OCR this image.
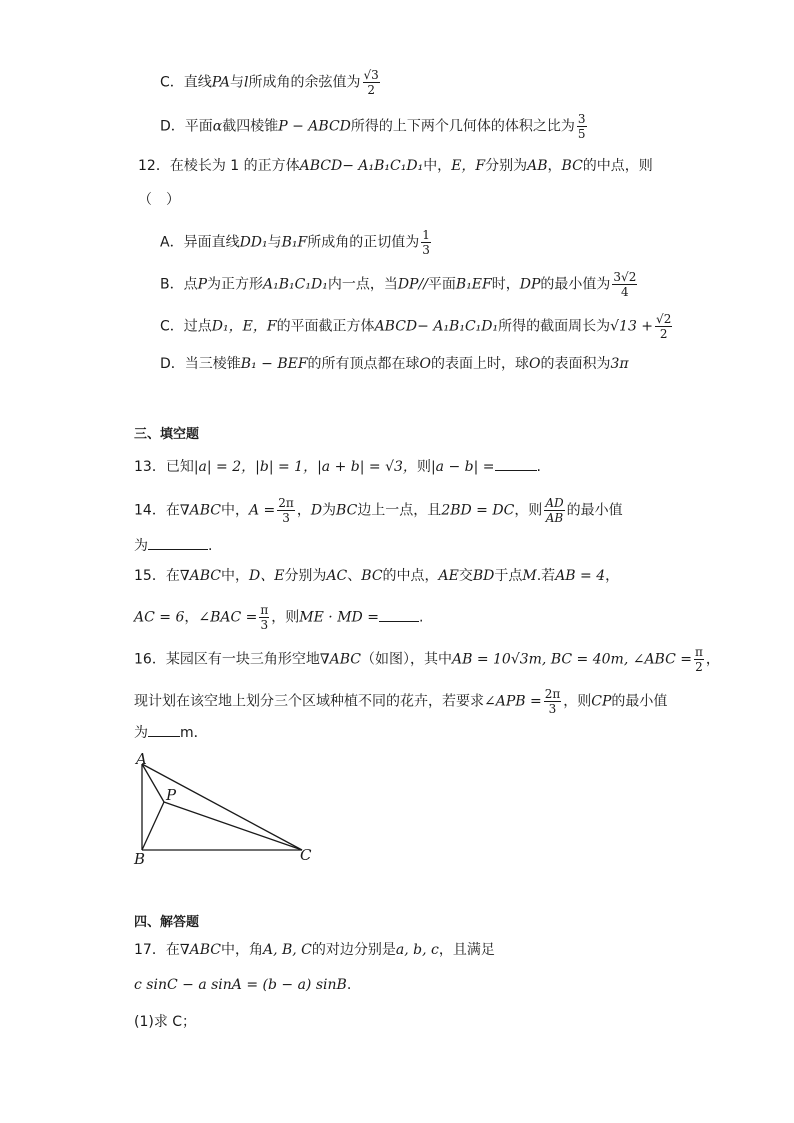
C．直线PA与l所成角的余弦值为 $\frac{√3}{2}$
D．平面α截四棱锥P − ABCD所得的上下两个几何体的体积之比为 $\frac{3}{5}$
12．在棱长为 1 的正方体ABCD− A₁B₁C₁D₁中，E，F分别为AB，BC的中点，则
（　）
A．异面直线DD₁与B₁F所成角的正切值为 $\frac{1}{3}$
B．点P为正方形A₁B₁C₁D₁内一点，当DP//平面B₁EF时，DP的最小值为 $\frac{3√2}{4}$
C．过点D₁，E，F的平面截正方体ABCD− A₁B₁C₁D₁所得的截面周长为$√13 + \frac{√2}{2}$
D．当三棱锥B₁ − BEF的所有顶点都在球O的表面上时，球O的表面积为3π
三、填空题
13．已知|a| = 2，|b| = 1，|a + b| = √3，则|a − b| =	.
14．在∇ABC中，$A = \frac{2\pi}{3}$ ，D为BC边上一点，且2BD = DC，则 $\frac{AD}{AB}$ 的最小值
为	.
15．在∇ABC中，D、E分别为AC、BC的中点，AE交BD于点M.若AB = 4，
AC = 6，∠BAC = $\frac{\pi}{3}$ ，则ME · MD =	.
16．某园区有一块三角形空地∇ABC（如图），其中AB = 10√3m, BC = 40m, ∠ABC = $\frac{\pi}{2}$ ，
现计划在该空地上划分三个区域种植不同的花卉，若要求∠APB = $\frac{2\pi}{3}$ ，则CP的最小值
为 m．
A
B	C
P
四、解答题
17．在∇ABC中，角A, B, C的对边分别是a, b, c，且满足
c sinC − a sinA = (b − a) sinB.
(1)求 C；
